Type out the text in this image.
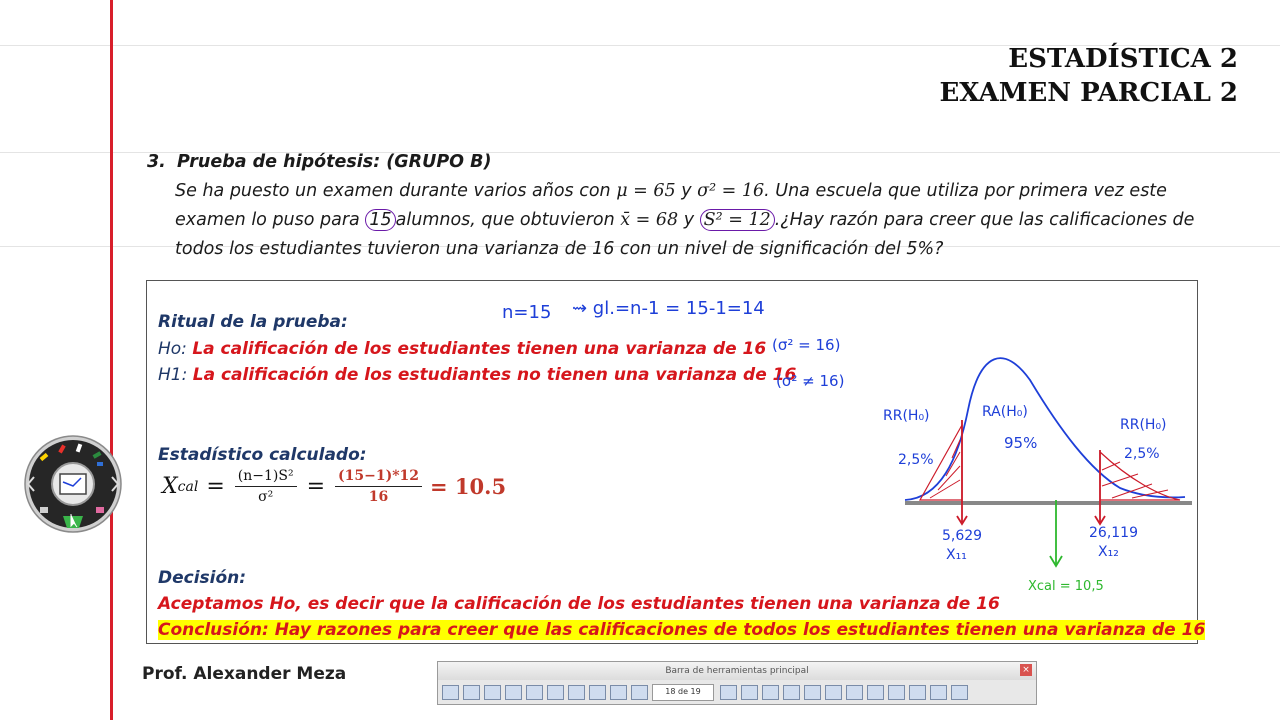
ESTADÍSTICA 2
EXAMEN PARCIAL 2
3. Prueba de hipótesis: (GRUPO B)
Se ha puesto un examen durante varios años con μ = 65 y σ² = 16. Una escuela que utiliza por primera vez este
examen lo puso para 15 alumnos, que obtuvieron x̄ = 68 y S² = 12 .¿Hay razón para creer que las calificaciones de
todos los estudiantes tuvieron una varianza de 16 con un nivel de significación del 5%?
Ritual de la prueba:
Ho: La calificación de los estudiantes tienen una varianza de 16
H1: La calificación de los estudiantes no tienen una varianza de 16
Estadístico calculado:
X cal = $\frac{\text{(n−1)S²}}{\text{σ²}} = \frac{(15-1)*12}{16} = 10.5$
Decisión:
Aceptamos Ho, es decir que la calificación de los estudiantes tienen una varianza de 16
Conclusión: Hay razones para creer que las calificaciones de todos los estudiantes tienen una varianza de 16
n=15 ⇝ gl.=n-1 = 15-1=14
(σ² = 16)
(σ² ≠ 16)
RR(H₀)	RA(H₀)
RR(H₀)
2,5%
95%
2,5%
5,629
X₁₁
26,119
X₁₂
Xcal = 10,5
Prof. Alexander Meza	Barra de herramientas principal	×
18 de 19
